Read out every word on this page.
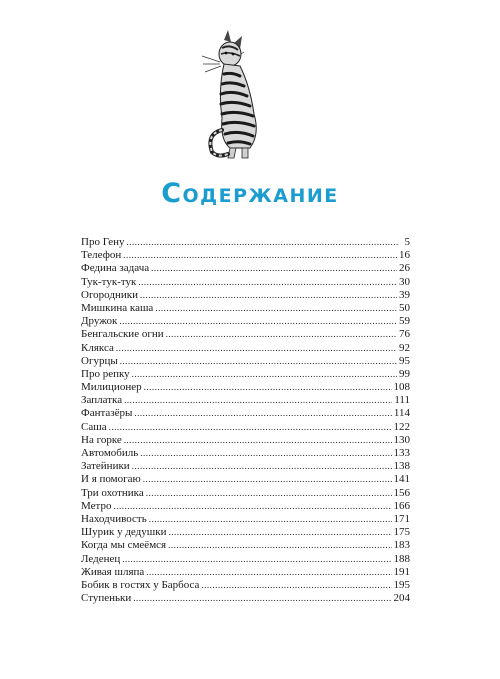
Содержание
Про Гену .....	5
Телефон .....	16
Федина задача .....	26
Тук-тук-тук .....	30
Огородники .....	39
Мишкина каша .....	50
Дружок .....	59
Бенгальские огни .....	76
Клякса .....	92
Огурцы .....	95
Про репку .....	99
Милиционер .....	108
Заплатка .....	111
Фантазёры .....	114
Саша .....	122
На горке .....	130
Автомобиль .....	133
Затейники .....	138
И я помогаю .....	141
Три охотника .....	156
Метро .....	166
Находчивость .....	171
Шурик у дедушки .....	175
Когда мы смеёмся .....	183
Леденец .....	188
Живая шляпа .....	191
Бобик в гостях у Барбоса .....	195
Ступеньки .....	204
